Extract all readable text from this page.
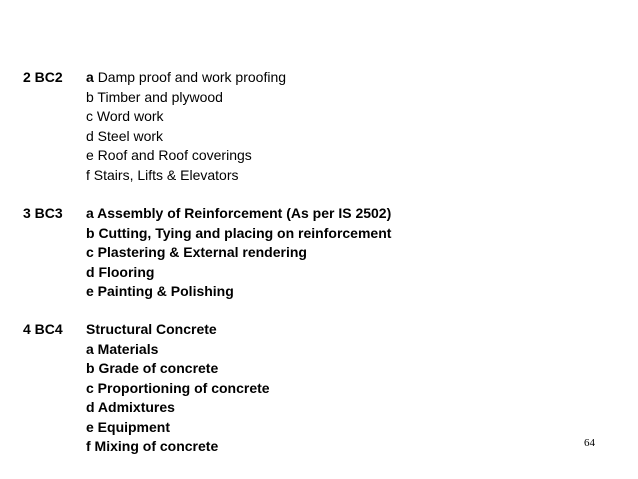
2 BC2 a Damp proof and work proofing
b Timber and plywood
c Word work
d Steel work
e Roof and Roof coverings
f Stairs, Lifts & Elevators
3 BC3 a Assembly of Reinforcement (As per IS 2502)
b Cutting, Tying and placing on reinforcement
c Plastering & External rendering
d Flooring
e Painting & Polishing
4 BC4 Structural Concrete
a Materials
b Grade of concrete
c Proportioning of concrete
d Admixtures
e Equipment
f Mixing of concrete	64
